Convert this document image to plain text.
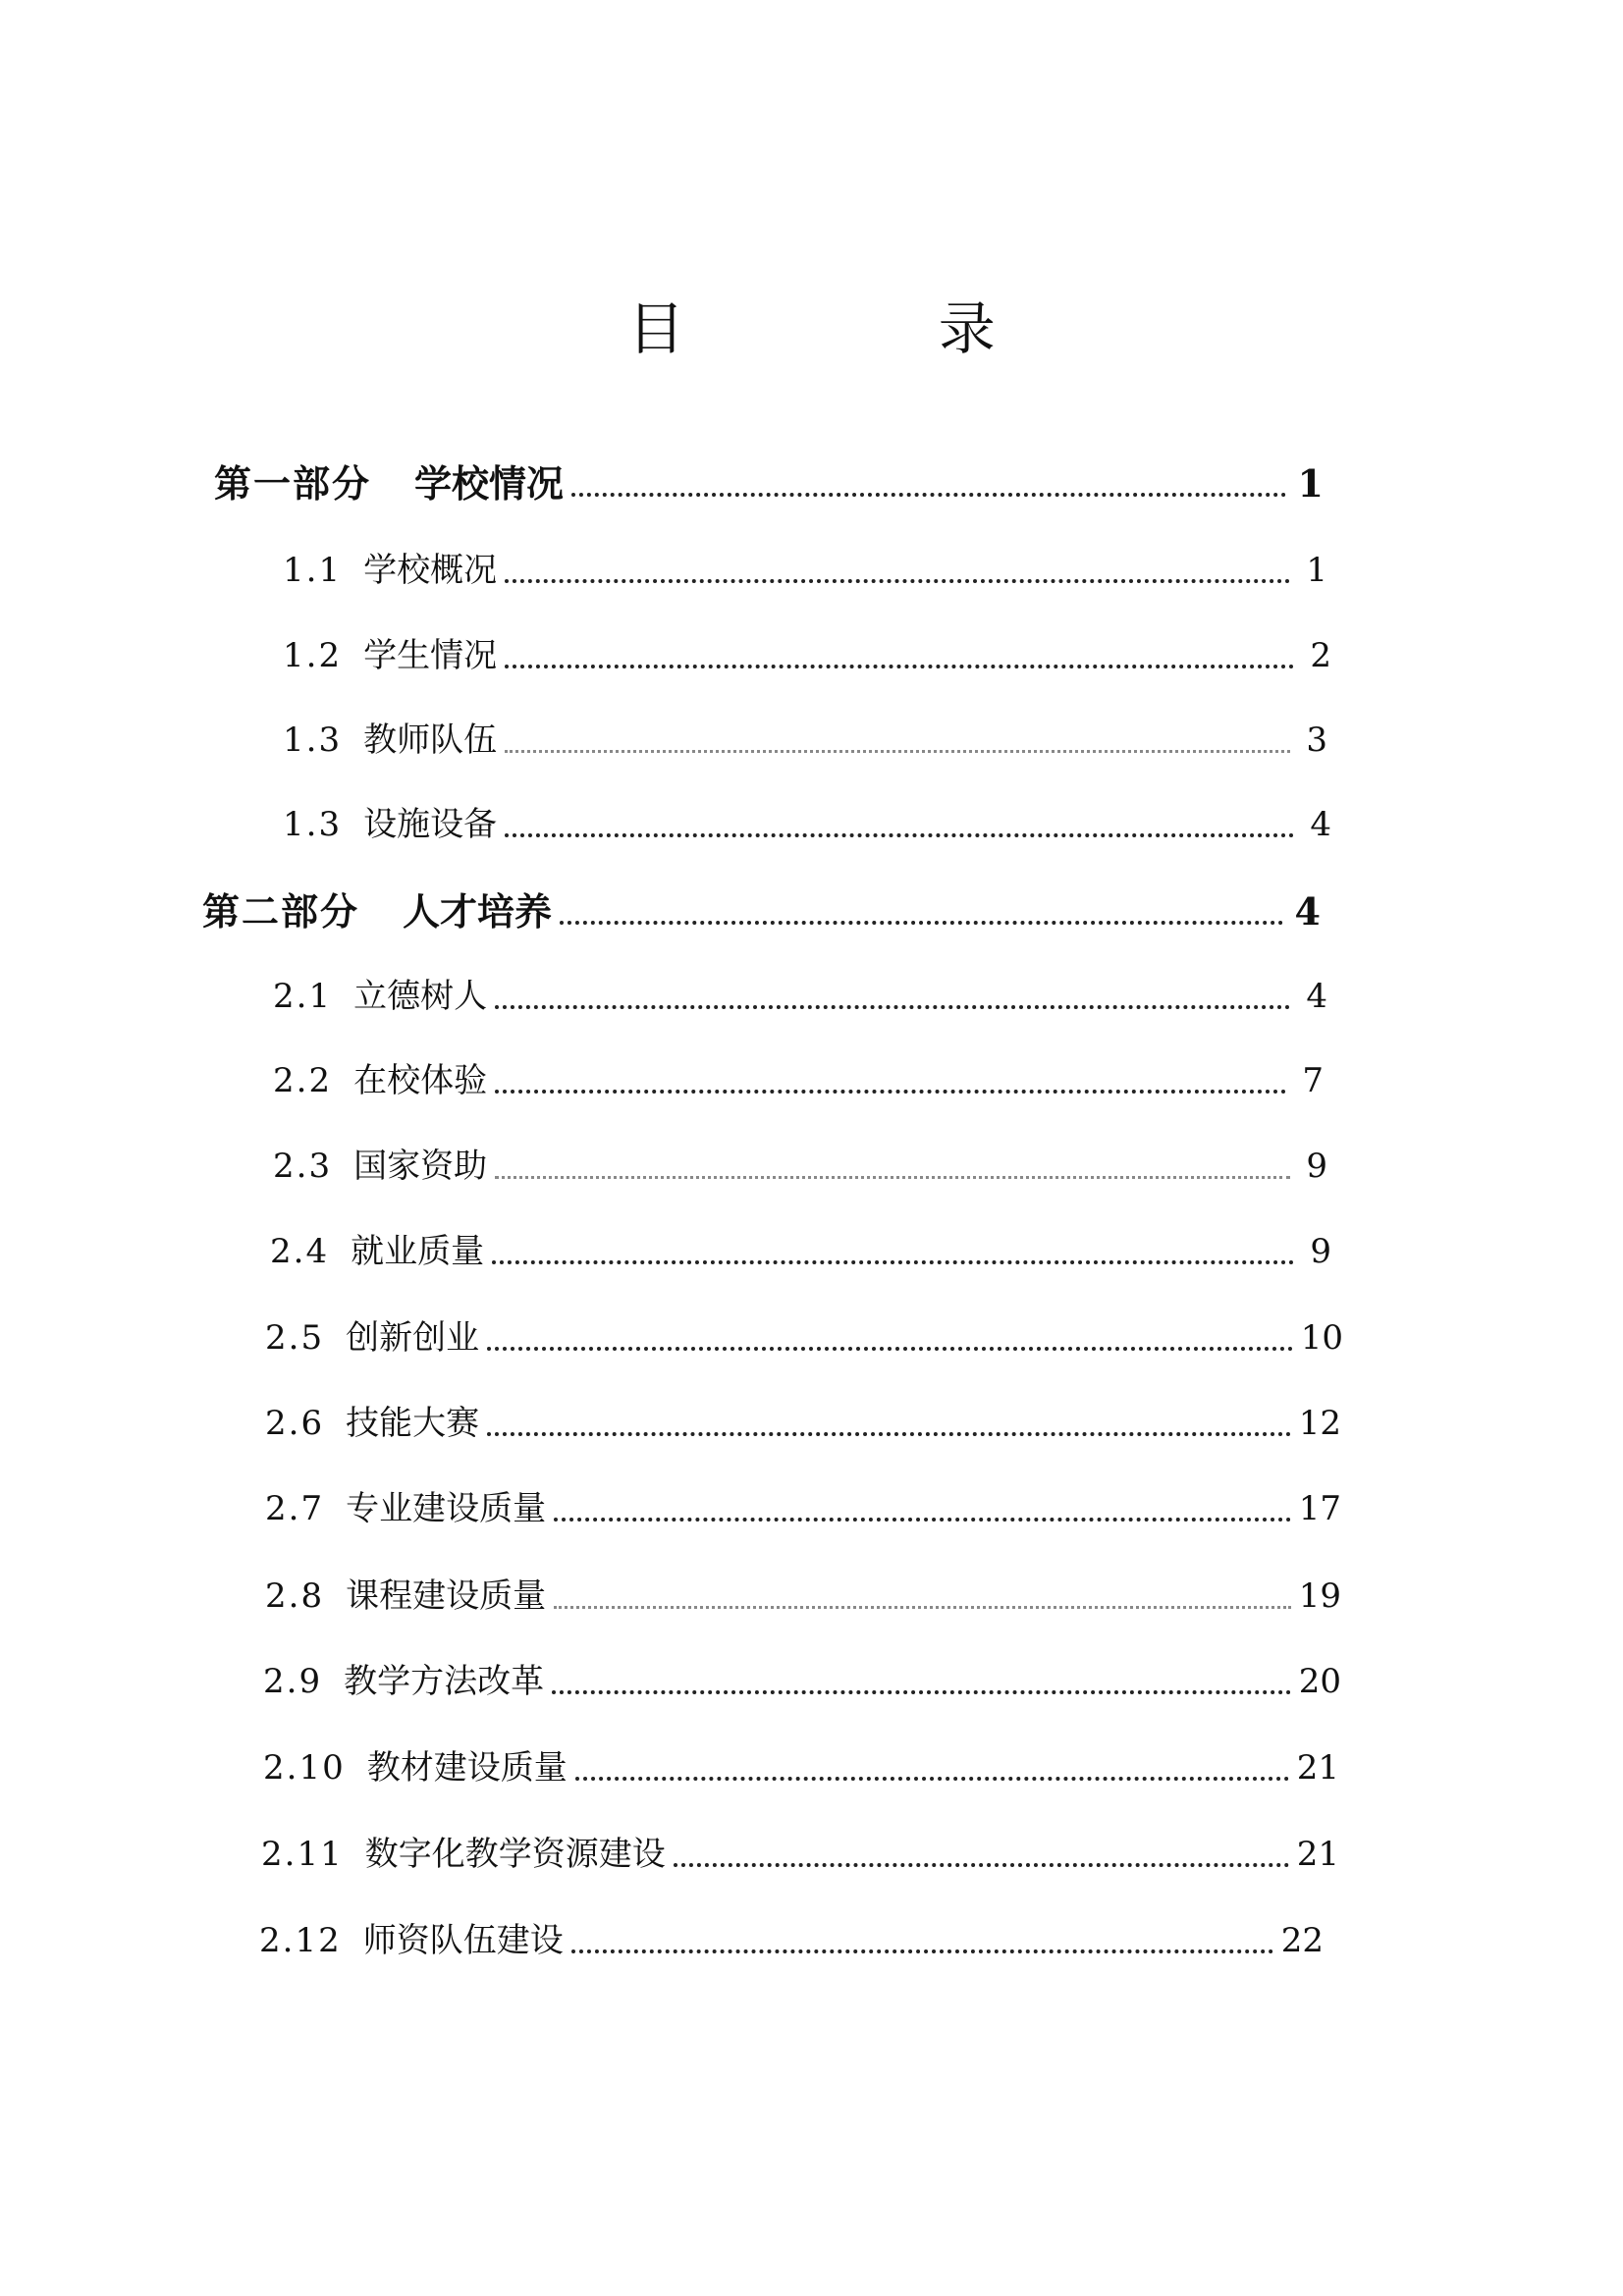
目 录
第一部分 学校情况	1
1.1 学校概况	1
1.2 学生情况	2
1.3 教师队伍	3
1.3 设施设备	4
第二部分 人才培养	4
2.1 立德树人	4
2.2 在校体验	7
2.3 国家资助	9
2.4 就业质量	9
2.5 创新创业	10
2.6 技能大赛	12
2.7 专业建设质量	17
2.8 课程建设质量	19
2.9 教学方法改革	20
2.10 教材建设质量	21
2.11 数字化教学资源建设	21
2.12 师资队伍建设	22
